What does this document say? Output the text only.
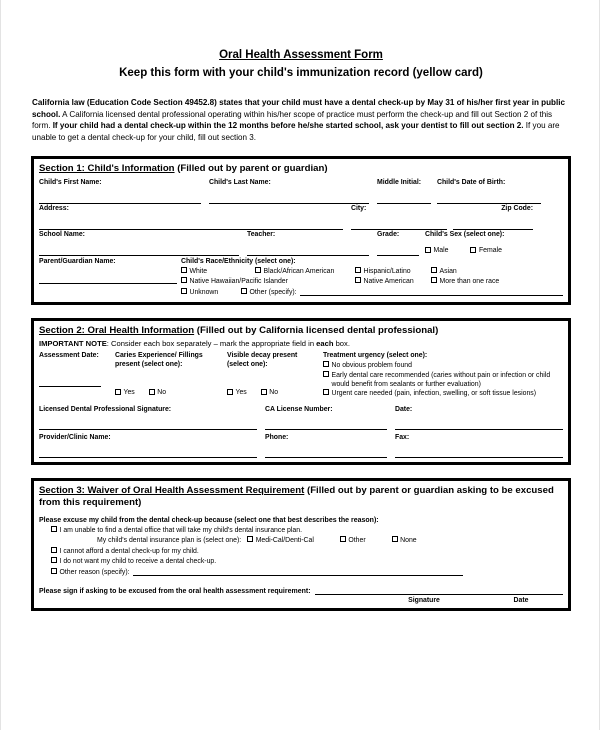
Oral Health Assessment Form
Keep this form with your child's immunization record (yellow card)
California law (Education Code Section 49452.8) states that your child must have a dental check-up by May 31 of his/her first year in public school. A California licensed dental professional operating within his/her scope of practice must perform the check-up and fill out Section 2 of this form. If your child had a dental check-up within the 12 months before he/she started school, ask your dentist to fill out section 2. If you are unable to get a dental check-up for your child, fill out section 3.
Section 1: Child's Information (Filled out by parent or guardian)
Child's First Name:	Child's Last Name:	Middle Initial:	Child's Date of Birth:
Address:	City:	Zip Code:
School Name:	Teacher:	Grade:	Child's Sex (select one):
Male	Female
Parent/Guardian Name:	Child's Race/Ethnicity (select one):
White	Black/African American	Hispanic/Latino	Asian
Native Hawaiian/Pacific Islander	Native American	More than one race
Unknown	Other (specify):
Section 2: Oral Health Information (Filled out by California licensed dental professional)
IMPORTANT NOTE: Consider each box separately – mark the appropriate field in each box.
Assessment Date:	Caries Experience/ Fillings
present (select one):
Yes	No
Visible decay present
(select one):
Yes	No
Treatment urgency (select one):
No obvious problem found
Early dental care recommended (caries without pain or infection or child would benefit from sealants or further evaluation)
Urgent care needed (pain, infection, swelling, or soft tissue lesions)
Licensed Dental Professional Signature:	CA License Number:	Date:
Provider/Clinic Name:	Phone:	Fax:
Section 3: Waiver of Oral Health Assessment Requirement (Filled out by parent or guardian asking to be excused from this requirement)
Please excuse my child from the dental check-up because (select one that best describes the reason):
I am unable to find a dental office that will take my child's dental insurance plan.
My child's dental insurance plan is (select one): Medi-Cal/Denti-Cal	Other	None
I cannot afford a dental check-up for my child.
I do not want my child to receive a dental check-up.
Other reason (specify):
Please sign if asking to be excused from the oral health assessment requirement:
Signature	Date
